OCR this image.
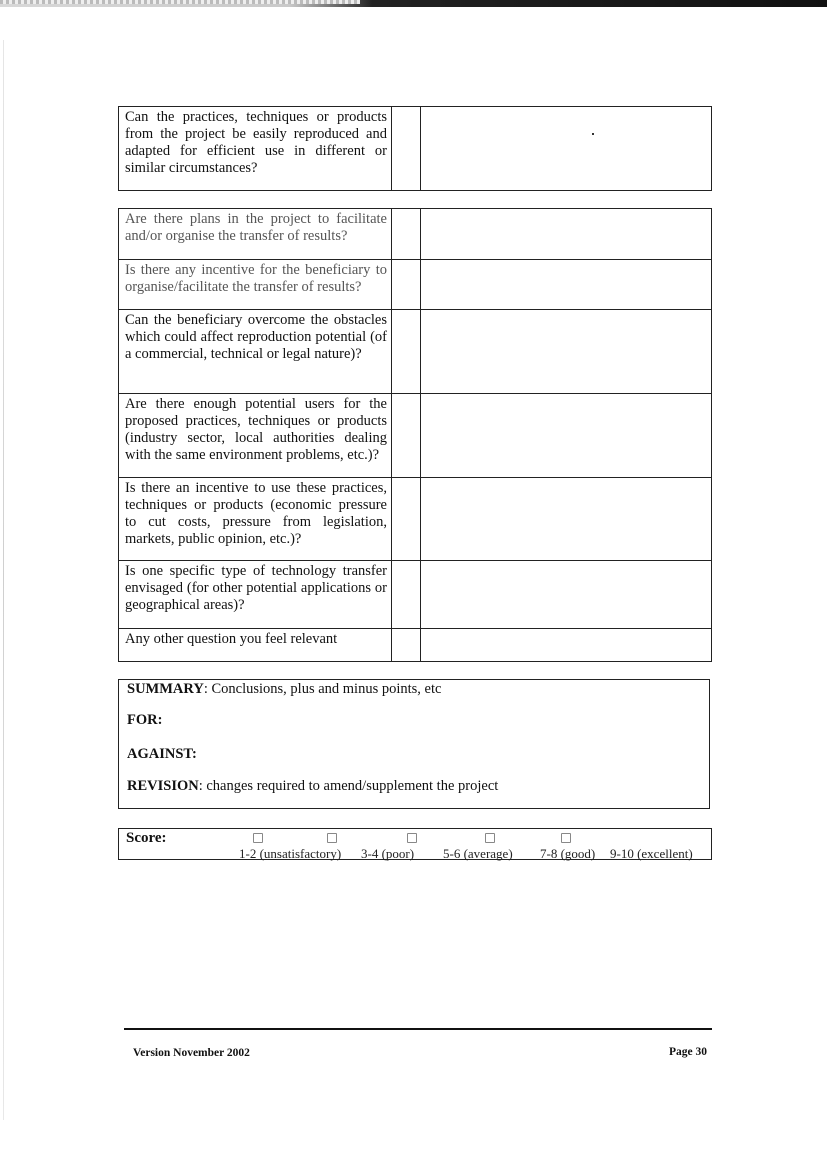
Can the practices, techniques or products from the project be easily reproduced and adapted for efficient use in different or similar circumstances?		
Are there plans in the project to facilitate and/or organise the transfer of results?		
Is there any incentive for the beneficiary to organise/facilitate the transfer of results?		
Can the beneficiary overcome the obstacles which could affect reproduction potential (of a commercial, technical or legal nature)?		
Are there enough potential users for the proposed practices, techniques or products (industry sector, local authorities dealing with the same environment problems, etc.)?		
Is there an incentive to use these practices, techniques or products (economic pressure to cut costs, pressure from legislation, markets, public opinion, etc.)?		
Is one specific type of technology transfer envisaged (for other potential applications or geographical areas)?		
Any other question you feel relevant		
SUMMARY: Conclusions, plus and minus points, etc
FOR:
AGAINST:
REVISION: changes required to amend/supplement the project
Score:
1-2 (unsatisfactory) 3-4 (poor) 5-6 (average) 7-8 (good) 9-10 (excellent)
Version November 2002	Page 30
